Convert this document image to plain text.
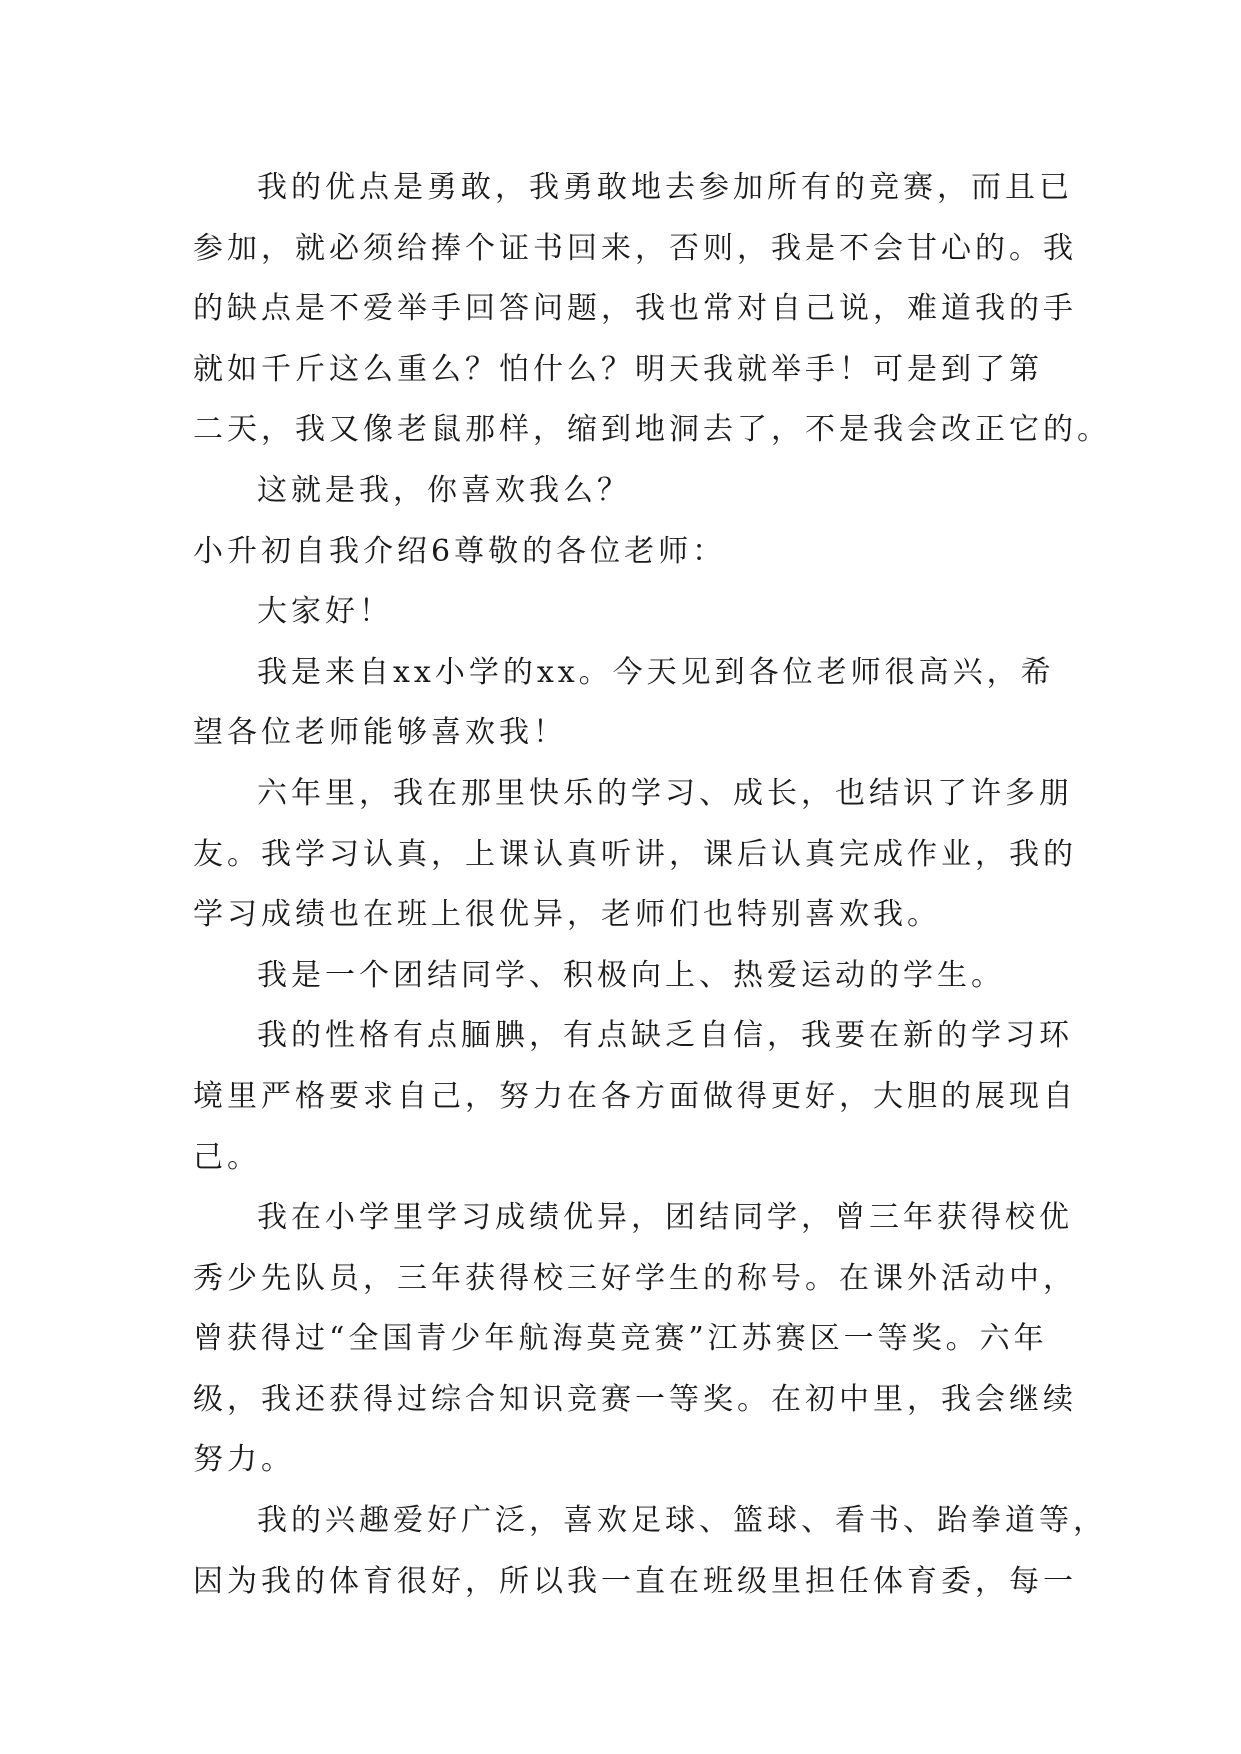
我的优点是勇敢，我勇敢地去参加所有的竞赛，而且已
参加，就必须给捧个证书回来，否则，我是不会甘心的。我
的缺点是不爱举手回答问题，我也常对自己说，难道我的手
就如千斤这么重么？怕什么？明天我就举手！可是到了第
二天，我又像老鼠那样，缩到地洞去了，不是我会改正它的。
这就是我，你喜欢我么？
小升初自我介绍6尊敬的各位老师：
大家好！
我是来自xx小学的xx。今天见到各位老师很高兴，希
望各位老师能够喜欢我！
六年里，我在那里快乐的学习、成长，也结识了许多朋
友。我学习认真，上课认真听讲，课后认真完成作业，我的
学习成绩也在班上很优异，老师们也特别喜欢我。
我是一个团结同学、积极向上、热爱运动的学生。
我的性格有点腼腆，有点缺乏自信，我要在新的学习环
境里严格要求自己，努力在各方面做得更好，大胆的展现自
己。
我在小学里学习成绩优异，团结同学，曾三年获得校优
秀少先队员，三年获得校三好学生的称号。在课外活动中，
曾获得过“全国青少年航海莫竞赛”江苏赛区一等奖。六年
级，我还获得过综合知识竞赛一等奖。在初中里，我会继续
努力。
我的兴趣爱好广泛，喜欢足球、篮球、看书、跆拳道等，
因为我的体育很好，所以我一直在班级里担任体育委，每一
